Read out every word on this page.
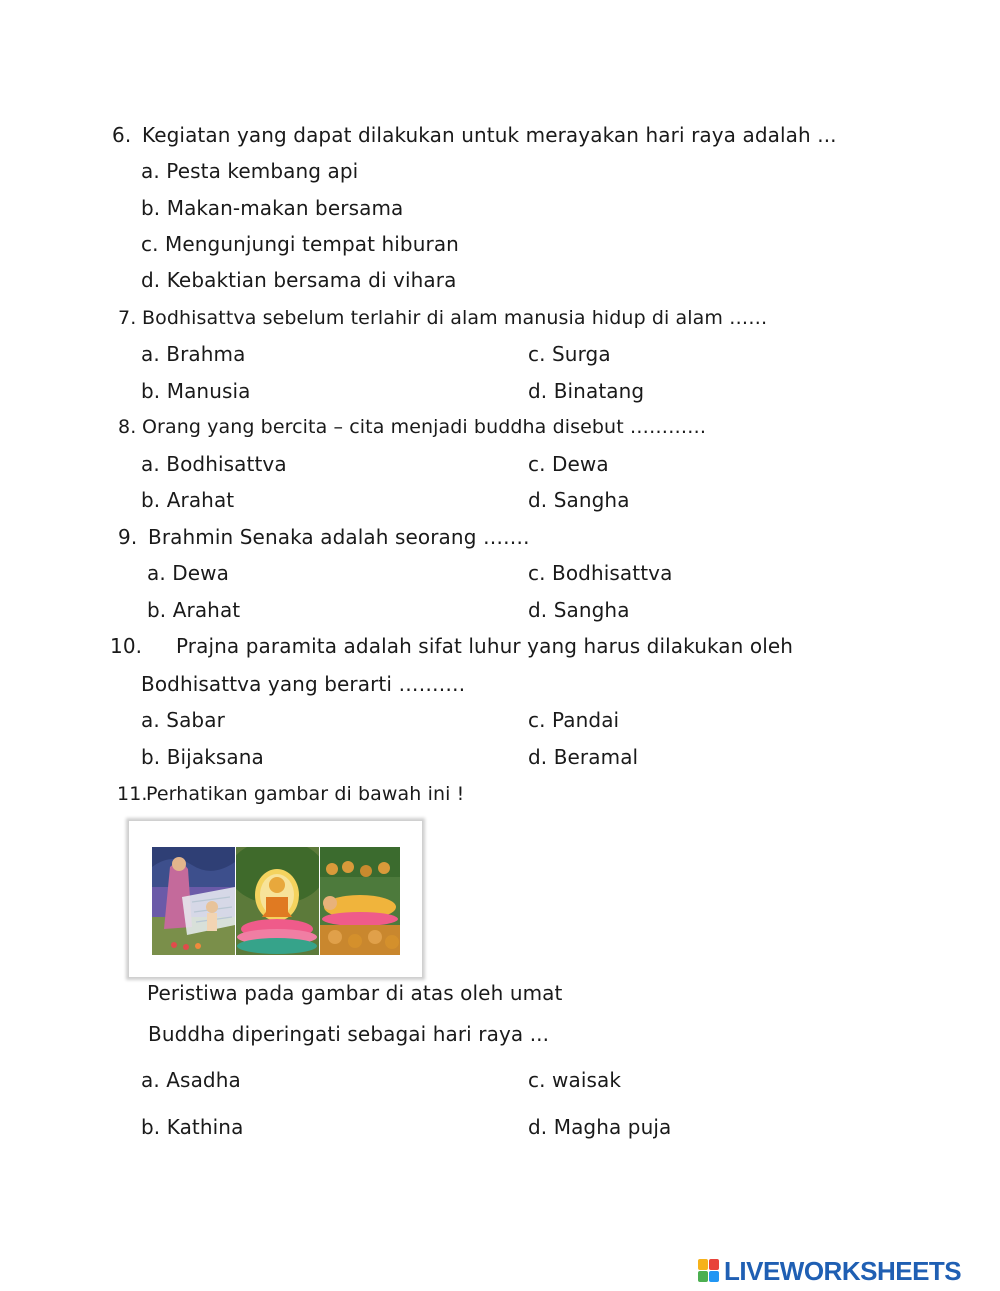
6. Kegiatan yang dapat dilakukan untuk merayakan hari raya adalah ...
a. Pesta kembang api
b. Makan-makan bersama
c. Mengunjungi tempat hiburan
d. Kebaktian bersama di vihara
7. Bodhisattva sebelum terlahir di alam manusia hidup di alam ……
a. Brahma	c. Surga
b. Manusia	d. Binatang
8. Orang yang bercita – cita menjadi buddha disebut …………
a. Bodhisattva	c. Dewa
b. Arahat	d. Sangha
9. Brahmin Senaka adalah seorang …….
a. Dewa	c. Bodhisattva
b. Arahat	d. Sangha
10. Prajna paramita adalah sifat luhur yang harus dilakukan oleh
Bodhisattva yang berarti ……….
a. Sabar	c. Pandai
b. Bijaksana	d. Beramal
11.
Perhatikan gambar di bawah ini !
Peristiwa pada gambar di atas oleh umat
Buddha diperingati sebagai hari raya ...
a. Asadha	c. waisak
b. Kathina	d. Magha puja
LIVEWORKSHEETS
